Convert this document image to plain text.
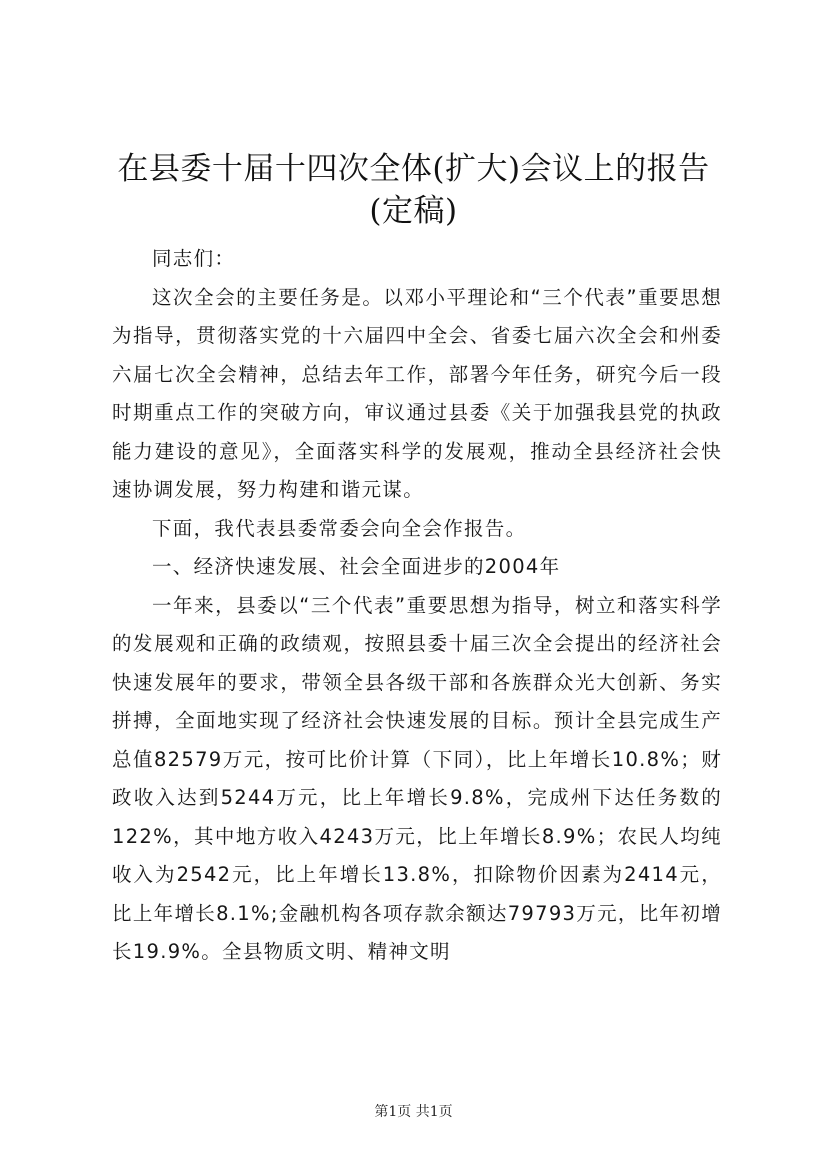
在县委十届十四次全体(扩大)会议上的报告
(定稿)

同志们：

这次全会的主要任务是。以邓小平理论和“三个代表”重要思想为指导，贯彻落实党的十六届四中全会、省委七届六次全会和州委六届七次全会精神，总结去年工作，部署今年任务，研究今后一段时期重点工作的突破方向，审议通过县委《关于加强我县党的执政能力建设的意见》，全面落实科学的发展观，推动全县经济社会快速协调发展，努力构建和谐元谋。

下面，我代表县委常委会向全会作报告。

一、经济快速发展、社会全面进步的2004年

一年来，县委以“三个代表”重要思想为指导，树立和落实科学的发展观和正确的政绩观，按照县委十届三次全会提出的经济社会快速发展年的要求，带领全县各级干部和各族群众光大创新、务实拼搏，全面地实现了经济社会快速发展的目标。预计全县完成生产总值82579万元，按可比价计算（下同），比上年增长10.8%；财政收入达到5244万元，比上年增长9.8%，完成州下达任务数的122%，其中地方收入4243万元，比上年增长8.9%；农民人均纯收入为2542元，比上年增长13.8%，扣除物价因素为2414元，比上年增长8.1%;金融机构各项存款余额达79793万元，比年初增长19.9%。全县物质文明、精神文明

第1页 共1页
